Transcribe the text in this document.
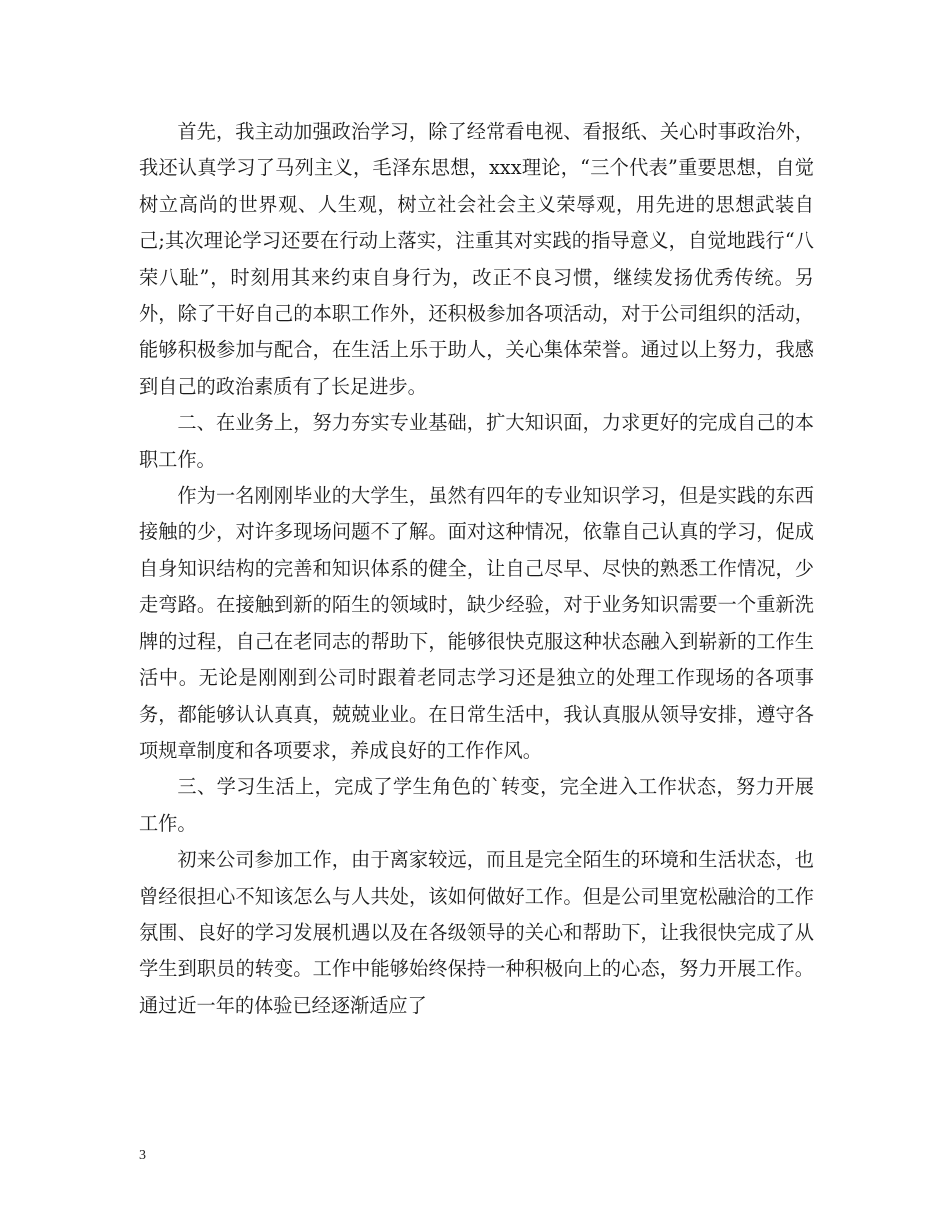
首先，我主动加强政治学习，除了经常看电视、看报纸、关心时事政治外，我还认真学习了马列主义，毛泽东思想，xxx理论，“三个代表”重要思想，自觉树立高尚的世界观、人生观，树立社会社会主义荣辱观，用先进的思想武装自己;其次理论学习还要在行动上落实，注重其对实践的指导意义，自觉地践行“八荣八耻”，时刻用其来约束自身行为，改正不良习惯，继续发扬优秀传统。另外，除了干好自己的本职工作外，还积极参加各项活动，对于公司组织的活动，能够积极参加与配合，在生活上乐于助人，关心集体荣誉。通过以上努力，我感到自己的政治素质有了长足进步。

二、在业务上，努力夯实专业基础，扩大知识面，力求更好的完成自己的本职工作。

作为一名刚刚毕业的大学生，虽然有四年的专业知识学习，但是实践的东西接触的少，对许多现场问题不了解。面对这种情况，依靠自己认真的学习，促成自身知识结构的完善和知识体系的健全，让自己尽早、尽快的熟悉工作情况，少走弯路。在接触到新的陌生的领域时，缺少经验，对于业务知识需要一个重新洗牌的过程，自己在老同志的帮助下，能够很快克服这种状态融入到崭新的工作生活中。无论是刚刚到公司时跟着老同志学习还是独立的处理工作现场的各项事务，都能够认认真真，兢兢业业。在日常生活中，我认真服从领导安排，遵守各项规章制度和各项要求，养成良好的工作作风。

三、学习生活上，完成了学生角色的`转变，完全进入工作状态，努力开展工作。

初来公司参加工作，由于离家较远，而且是完全陌生的环境和生活状态，也曾经很担心不知该怎么与人共处，该如何做好工作。但是公司里宽松融洽的工作氛围、良好的学习发展机遇以及在各级领导的关心和帮助下，让我很快完成了从学生到职员的转变。工作中能够始终保持一种积极向上的心态，努力开展工作。通过近一年的体验已经逐渐适应了

3
